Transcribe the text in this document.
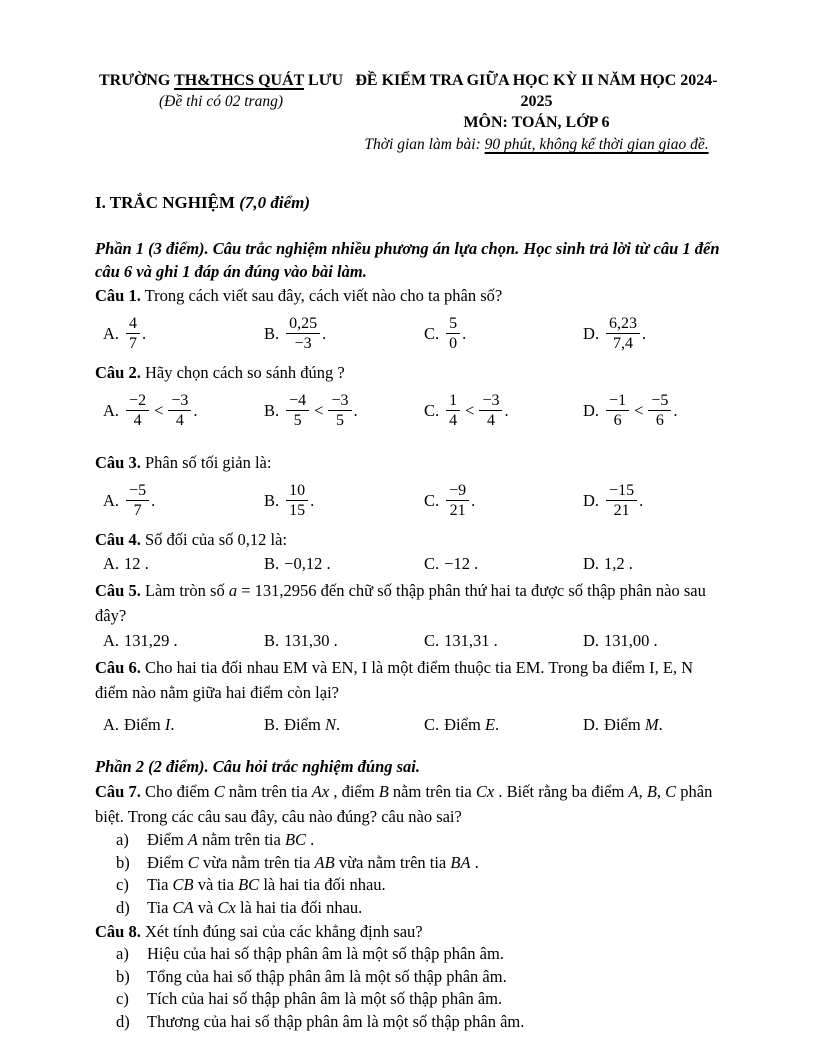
TRƯỜNG TH&THCS QUÁT LƯU
(Đề thi có 02 trang)
ĐỀ KIỂM TRA GIỮA HỌC KỲ II NĂM HỌC 2024-2025
MÔN: TOÁN, LỚP 6
Thời gian làm bài: 90 phút, không kể thời gian giao đề.
I. TRẮC NGHIỆM (7,0 điểm)
Phần 1 (3 điểm). Câu trắc nghiệm nhiều phương án lựa chọn. Học sinh trả lời từ câu 1 đến câu 6 và ghi 1 đáp án đúng vào bài làm.

Câu 1. Trong cách viết sau đây, cách viết nào cho ta phân số?

A. $\frac{4}{7}$ .	B. $\frac{0,25}{-3}$ .	C. $\frac{5}{0}$ .	D. $\frac{6,23}{7,4}$ .

Câu 2. Hãy chọn cách so sánh đúng ?

A. $\frac{-2}{4} < \frac{-3}{4}$ .	B. $\frac{-4}{5} < \frac{-3}{5}$ .	C. $\frac{1}{4} < \frac{-3}{4}$ .	D. $\frac{-1}{6} < \frac{-5}{6}$ .

Câu 3. Phân số tối giản là:

A. $\frac{-5}{7}$ .	B. $\frac{10}{15}$ .	C. $\frac{-9}{21}$ .	D. $\frac{-15}{21}$ .

Câu 4. Số đối của số 0,12 là:

A. 12 .	B. −0,12 .	C. −12 .	D. 1,2 .

Câu 5. Làm tròn số a = 131,2956 đến chữ số thập phân thứ hai ta được số thập phân nào sau đây?

A. 131,29 .	B. 131,30 .	C. 131,31 .	D. 131,00 .

Câu 6. Cho hai tia đối nhau EM và EN, I là một điểm thuộc tia EM. Trong ba điểm I, E, N điểm nào nằm giữa hai điểm còn lại?

A. Điểm I.	B. Điểm N.	C. Điểm E.	D. Điểm M.
Phần 2 (2 điểm). Câu hỏi trắc nghiệm đúng sai.

Câu 7. Cho điểm C nằm trên tia Ax , điểm B nằm trên tia Cx . Biết rằng ba điểm A, B, C phân biệt. Trong các câu sau đây, câu nào đúng? câu nào sai?

a)	Điểm A nằm trên tia BC .
b)	Điểm C vừa nằm trên tia AB vừa nằm trên tia BA .
c)	Tia CB và tia BC là hai tia đối nhau.
d)	Tia CA và Cx là hai tia đối nhau.

Câu 8. Xét tính đúng sai của các khẳng định sau?

a)	Hiệu của hai số thập phân âm là một số thập phân âm.
b)	Tổng của hai số thập phân âm là một số thập phân âm.
c)	Tích của hai số thập phân âm là một số thập phân âm.
d)	Thương của hai số thập phân âm là một số thập phân âm.
